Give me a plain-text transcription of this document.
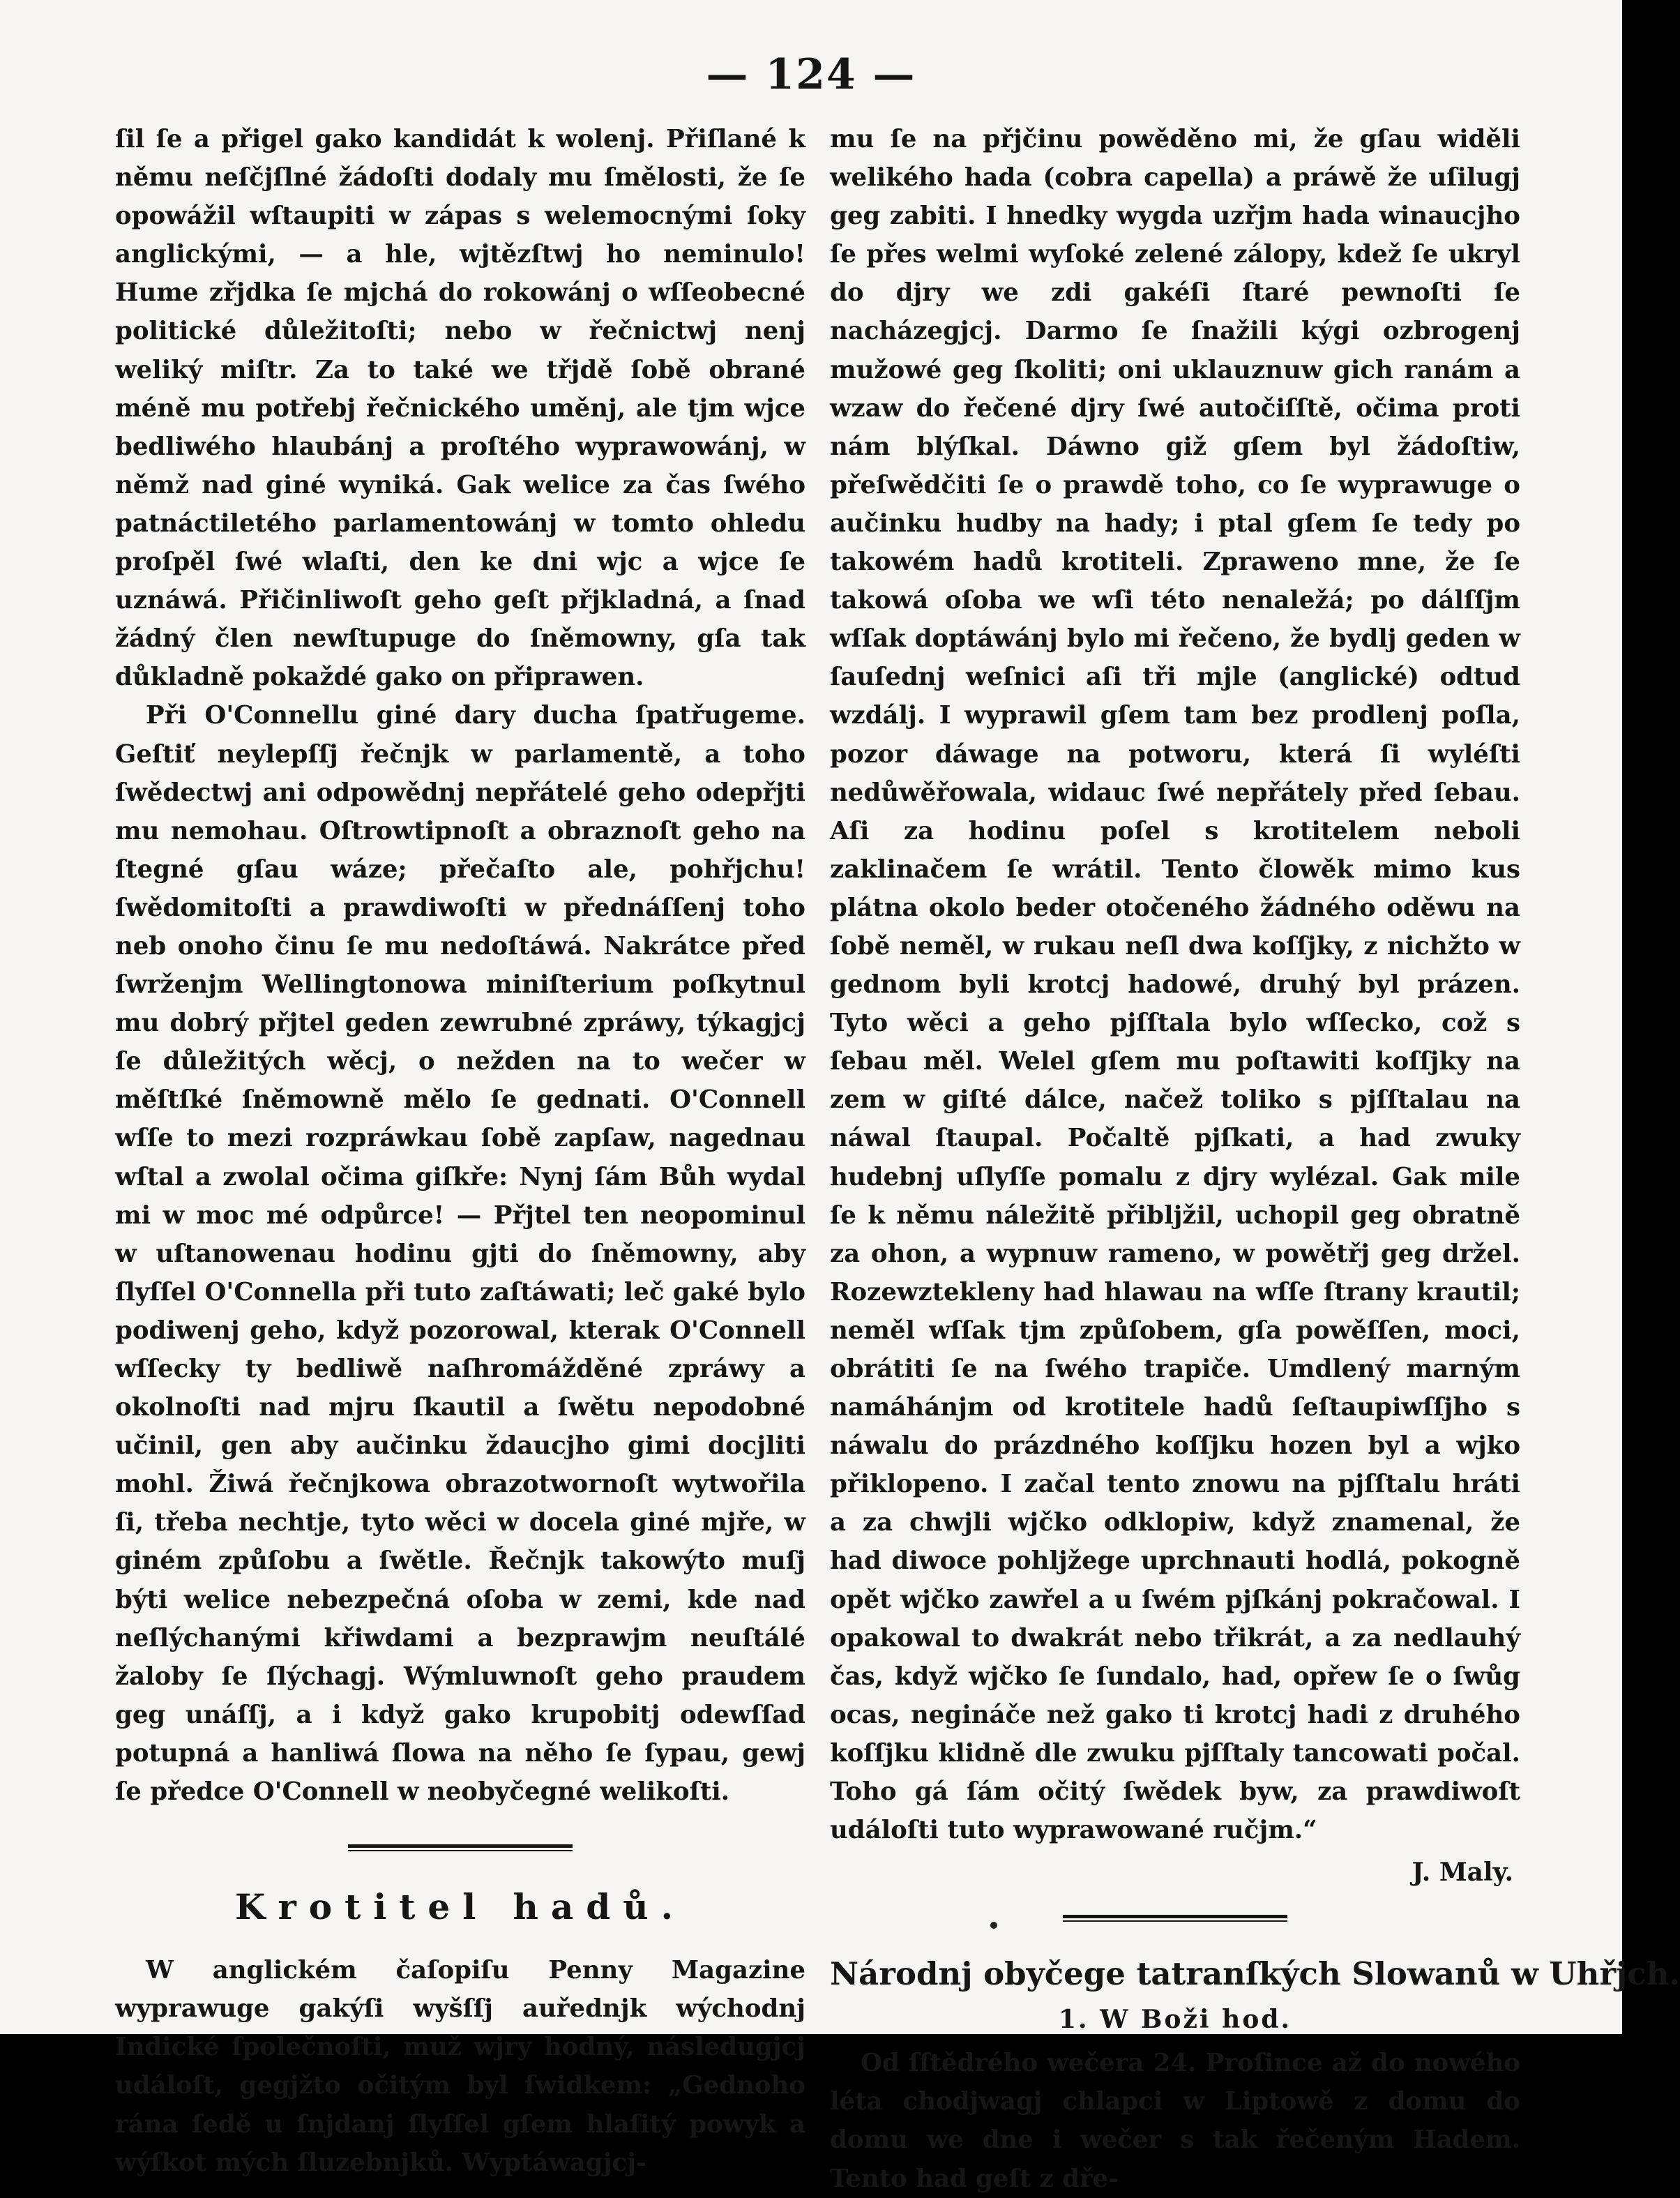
— 124 —

ſil ſe a přigel gako kandidát k wolenj. Přiſlané k němu neſčjſlné žádoſti dodaly mu ſmělosti, že ſe opowážil wſtaupiti w zápas s welemocnými ſoky anglickými, — a hle, wjtězſtwj ho neminulo! Hume zřjdka ſe mjchá do rokowánj o wſſeobecné politické důležitoſti; nebo w řečnictwj nenj weliký miſtr. Za to také we třjdě ſobě obrané méně mu potřebj řečnického uměnj, ale tjm wjce bedliwého hlaubánj a proſtého wyprawowánj, w němž nad giné wyniká. Gak welice za čas ſwého patnáctiletého parlamentowánj w tomto ohledu proſpěl ſwé wlaſti, den ke dni wjc a wjce ſe uznáwá. Přičinliwoſt geho geſt přjkladná, a ſnad žádný člen newſtupuge do ſněmowny, gſa tak důkladně pokaždé gako on připrawen.

Při O'Connellu giné dary ducha ſpatřugeme. Geſtiť neylepſſj řečnjk w parlamentě, a toho ſwědectwj ani odpowědnj nepřátelé geho odepřjti mu nemohau. Oſtrowtipnoſt a obraznoſt geho na ſtegné gſau wáze; přečaſto ale, pohřjchu! ſwědomitoſti a prawdiwoſti w přednáſſenj toho neb onoho činu ſe mu nedoſtáwá. Nakrátce před ſwrženjm Wellingtonowa miniſterium poſkytnul mu dobrý přjtel geden zewrubné zpráwy, týkagjcj ſe důležitých wěcj, o nežden na to wečer w měſtſké ſněmowně mělo ſe gednati. O'Connell wſſe to mezi rozpráwkau ſobě zapſaw, nagednau wſtal a zwolal očima giſkře: Nynj ſám Bůh wydal mi w moc mé odpůrce! — Přjtel ten neopominul w uſtanowenau hodinu gjti do ſněmowny, aby ſlyſſel O'Connella při tuto zaſtáwati; leč gaké bylo podiwenj geho, když pozorowal, kterak O'Connell wſſecky ty bedliwě naſhromážděné zpráwy a okolnoſti nad mjru ſkautil a ſwětu nepodobné učinil, gen aby aučinku ždaucjho gimi docjliti mohl. Žiwá řečnjkowa obrazotwornoſt wytwořila ſi, třeba nechtje, tyto wěci w docela giné mjře, w giném způſobu a ſwětle. Řečnjk takowýto muſj býti welice nebezpečná oſoba w zemi, kde nad neſlýchanými křiwdami a bezprawjm neuſtálé žaloby ſe ſlýchagj. Wýmluwnoſt geho praudem geg unáſſj, a i když gako krupobitj odewſſad potupná a hanliwá ſlowa na něho ſe ſypau, gewj ſe předce O'Connell w neobyčegné welikoſti.

Krotitel hadů.

W anglickém čaſopiſu Penny Magazine wyprawuge gakýſi wyšſſj auřednjk wýchodnj Indické ſpolečnoſti, muž wjry hodný, následugjcj událoſt, gegjžto očitým byl ſwidkem: „Gednoho rána ſedě u ſnjdanj ſlyſſel gſem hlaſitý powyk a wýſkot mých ſluzebnjků. Wyptáwagjcj-

mu ſe na přjčinu powěděno mi, že gſau widěli welikého hada (cobra capella) a práwě že uſilugj geg zabiti. I hnedky wygda uzřjm hada winaucjho ſe přes welmi wyſoké zelené zálopy, kdež ſe ukryl do djry we zdi gakéſi ſtaré pewnoſti ſe nacházegjcj. Darmo ſe ſnažili kýgi ozbrogenj mužowé geg ſkoliti; oni uklauznuw gich ranám a wzaw do řečené djry ſwé autočiſſtě, očima proti nám blýſkal. Dáwno giž gſem byl žádoſtiw, přeſwědčiti ſe o prawdě toho, co ſe wyprawuge o aučinku hudby na hady; i ptal gſem ſe tedy po takowém hadů krotiteli. Zpraweno mne, že ſe takowá oſoba we wſi této nenaležá; po dálſſjm wſſak doptáwánj bylo mi řečeno, že bydlj geden w ſauſednj weſnici aſi tři mjle (anglické) odtud wzdálj. I wyprawil gſem tam bez prodlenj poſla, pozor dáwage na potworu, která ſi wyléſti nedůwěřowala, widauc ſwé nepřátely před ſebau. Aſi za hodinu poſel s krotitelem neboli zaklinačem ſe wrátil. Tento člowěk mimo kus plátna okolo beder otočeného žádného oděwu na ſobě neměl, w rukau neſl dwa koſſjky, z nichžto w gednom byli krotcj hadowé, druhý byl prázen. Tyto wěci a geho pjſſtala bylo wſſecko, což s ſebau měl. Welel gſem mu poſtawiti koſſjky na zem w giſté dálce, načež toliko s pjſſtalau na náwal ſtaupal. Počaltě pjſkati, a had zwuky hudebnj uſlyſſe pomalu z djry wylézal. Gak mile ſe k němu náležitě přibljžil, uchopil geg obratně za ohon, a wypnuw rameno, w powětřj geg držel. Rozewztekleny had hlawau na wſſe ſtrany krautil; neměl wſſak tjm způſobem, gſa powěſſen, moci, obrátiti ſe na ſwého trapiče. Umdlený marným namáhánjm od krotitele hadů ſeſtaupiwſſjho s náwalu do prázdného koſſjku hozen byl a wjko přiklopeno. I začal tento znowu na pjſſtalu hráti a za chwjli wjčko odklopiw, když znamenal, že had diwoce pohljžege uprchnauti hodlá, pokogně opět wjčko zawřel a u ſwém pjſkánj pokračowal. I opakowal to dwakrát nebo třikrát, a za nedlauhý čas, když wjčko ſe ſundalo, had, opřew ſe o ſwůg ocas, negináče než gako ti krotcj hadi z druhého koſſjku klidně dle zwuku pjſſtaly tancowati počal. Toho gá ſám očitý ſwědek byw, za prawdiwoſt událoſti tuto wyprawowané ručjm.“

J. Maly.
Národnj obyčege tatranſkých Slowanů w Uhřjch.
1. W Boži hod.

Od ſſtědrého wečera 24. Proſince až do nowého léta chodjwagj chlapci w Liptowě z domu do domu we dne i wečer s tak řečeným Hadem. Tento had geſt z dře-
